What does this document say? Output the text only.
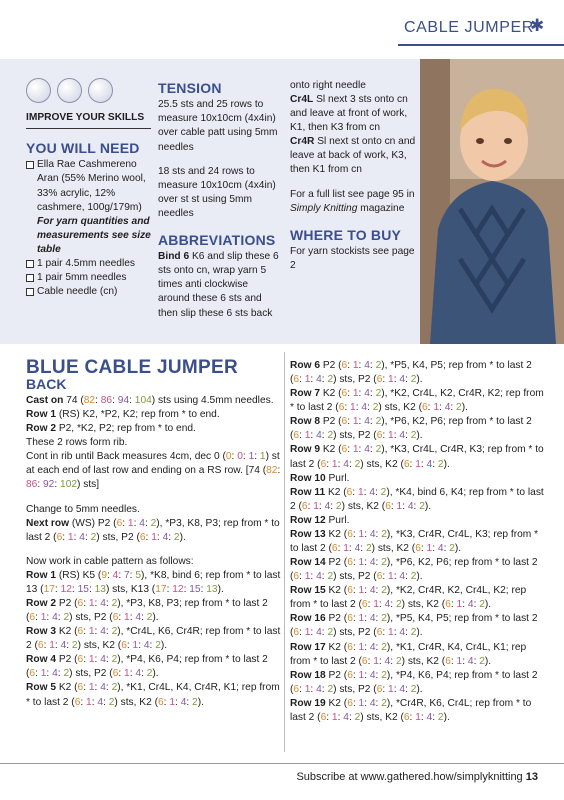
CABLE JUMPER
✱
IMPROVE YOUR SKILLS
YOU WILL NEED
Ella Rae Cashmereno Aran (55% Merino wool, 33% acrylic, 12% cashmere, 100g/179m)
For yarn quantities and measurements see size table
1 pair 4.5mm needles
1 pair 5mm needles
Cable needle (cn)
TENSION

25.5 sts and 25 rows to measure 10x10cm (4x4in) over cable patt using 5mm needles

18 sts and 24 rows to measure 10x10cm (4x4in) over st st using 5mm needles

ABBREVIATIONS

Bind 6 K6 and slip these 6 sts onto cn, wrap yarn 5 times anti clockwise around these 6 sts and then slip these 6 sts back

onto right needle

Cr4L Sl next 3 sts onto cn and leave at front of work, K1, then K3 from cn

Cr4R Sl next st onto cn and leave at back of work, K3, then K1 from cn

For a full list see page 95 in Simply Knitting magazine

WHERE TO BUY

For yarn stockists see page 2

BLUE CABLE JUMPER
BACK

Cast on 74 (82: 86: 94: 104) sts using 4.5mm needles.

Row 1 (RS) K2, *P2, K2; rep from * to end.

Row 2 P2, *K2, P2; rep from * to end.

These 2 rows form rib.

Cont in rib until Back measures 4cm, dec 0 (0: 0: 1: 1) st at each end of last row and ending on a RS row. [74 (82: 86: 92: 102) sts]

Change to 5mm needles.

Next row (WS) P2 (6: 1: 4: 2), *P3, K8, P3; rep from * to last 2 (6: 1: 4: 2) sts, P2 (6: 1: 4: 2).

Now work in cable pattern as follows:

Row 1 (RS) K5 (9: 4: 7: 5), *K8, bind 6; rep from * to last 13 (17: 12: 15: 13) sts, K13 (17: 12: 15: 13).

Row 2 P2 (6: 1: 4: 2), *P3, K8, P3; rep from * to last 2 (6: 1: 4: 2) sts, P2 (6: 1: 4: 2).

Row 3 K2 (6: 1: 4: 2), *Cr4L, K6, Cr4R; rep from * to last 2 (6: 1: 4: 2) sts, K2 (6: 1: 4: 2).

Row 4 P2 (6: 1: 4: 2), *P4, K6, P4; rep from * to last 2 (6: 1: 4: 2) sts, P2 (6: 1: 4: 2).

Row 5 K2 (6: 1: 4: 2), *K1, Cr4L, K4, Cr4R, K1; rep from * to last 2 (6: 1: 4: 2) sts, K2 (6: 1: 4: 2).

Row 6 P2 (6: 1: 4: 2), *P5, K4, P5; rep from * to last 2 (6: 1: 4: 2) sts, P2 (6: 1: 4: 2).

Row 7 K2 (6: 1: 4: 2), *K2, Cr4L, K2, Cr4R, K2; rep from * to last 2 (6: 1: 4: 2) sts, K2 (6: 1: 4: 2).

Row 8 P2 (6: 1: 4: 2), *P6, K2, P6; rep from * to last 2 (6: 1: 4: 2) sts, P2 (6: 1: 4: 2).

Row 9 K2 (6: 1: 4: 2), *K3, Cr4L, Cr4R, K3; rep from * to last 2 (6: 1: 4: 2) sts, K2 (6: 1: 4: 2).

Row 10 Purl.

Row 11 K2 (6: 1: 4: 2), *K4, bind 6, K4; rep from * to last 2 (6: 1: 4: 2) sts, K2 (6: 1: 4: 2).

Row 12 Purl.

Row 13 K2 (6: 1: 4: 2), *K3, Cr4R, Cr4L, K3; rep from * to last 2 (6: 1: 4: 2) sts, K2 (6: 1: 4: 2).

Row 14 P2 (6: 1: 4: 2), *P6, K2, P6; rep from * to last 2 (6: 1: 4: 2) sts, P2 (6: 1: 4: 2).

Row 15 K2 (6: 1: 4: 2), *K2, Cr4R, K2, Cr4L, K2; rep from * to last 2 (6: 1: 4: 2) sts, K2 (6: 1: 4: 2).

Row 16 P2 (6: 1: 4: 2), *P5, K4, P5; rep from * to last 2 (6: 1: 4: 2) sts, P2 (6: 1: 4: 2).

Row 17 K2 (6: 1: 4: 2), *K1, Cr4R, K4, Cr4L, K1; rep from * to last 2 (6: 1: 4: 2) sts, K2 (6: 1: 4: 2).

Row 18 P2 (6: 1: 4: 2), *P4, K6, P4; rep from * to last 2 (6: 1: 4: 2) sts, P2 (6: 1: 4: 2).

Row 19 K2 (6: 1: 4: 2), *Cr4R, K6, Cr4L; rep from * to last 2 (6: 1: 4: 2) sts, K2 (6: 1: 4: 2).

Subscribe at www.gathered.how/simplyknitting 13
